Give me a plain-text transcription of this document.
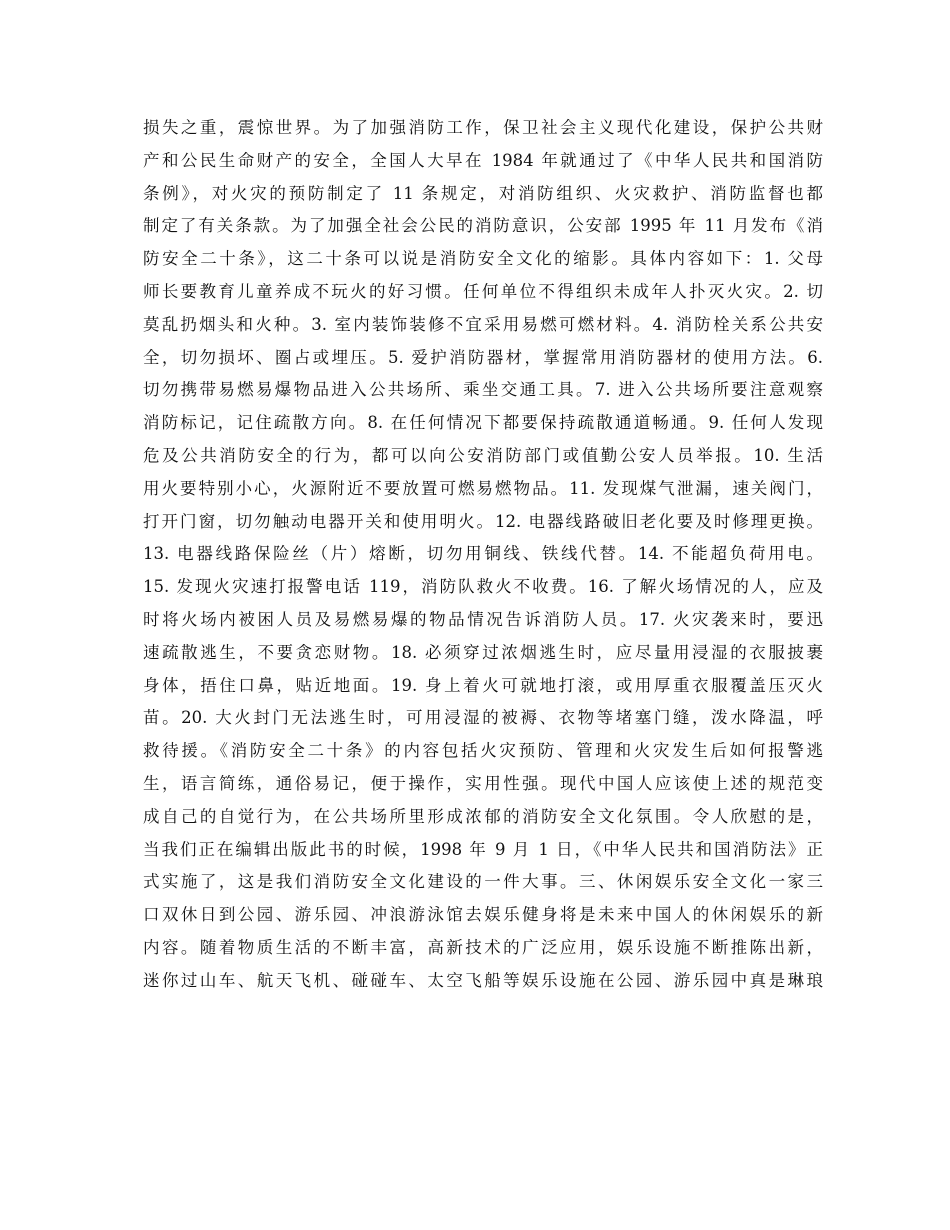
损失之重，震惊世界。为了加强消防工作，保卫社会主义现代化建设，保护公共财
产和公民生命财产的安全，全国人大早在 1984 年就通过了《中华人民共和国消防
条例》，对火灾的预防制定了 11 条规定，对消防组织、火灾救护、消防监督也都
制定了有关条款。为了加强全社会公民的消防意识，公安部 1995 年 11 月发布《消
防安全二十条》，这二十条可以说是消防安全文化的缩影。具体内容如下：1. 父母
师长要教育儿童养成不玩火的好习惯。任何单位不得组织未成年人扑灭火灾。2. 切
莫乱扔烟头和火种。3. 室内装饰装修不宜采用易燃可燃材料。4. 消防栓关系公共安
全，切勿损坏、圈占或埋压。5. 爱护消防器材，掌握常用消防器材的使用方法。6.
切勿携带易燃易爆物品进入公共场所、乘坐交通工具。7. 进入公共场所要注意观察
消防标记，记住疏散方向。8. 在任何情况下都要保持疏散通道畅通。9. 任何人发现
危及公共消防安全的行为，都可以向公安消防部门或值勤公安人员举报。10. 生活
用火要特别小心，火源附近不要放置可燃易燃物品。11. 发现煤气泄漏，速关阀门，
打开门窗，切勿触动电器开关和使用明火。12. 电器线路破旧老化要及时修理更换。
13. 电器线路保险丝（片）熔断，切勿用铜线、铁线代替。14. 不能超负荷用电。
15. 发现火灾速打报警电话 119，消防队救火不收费。16. 了解火场情况的人，应及
时将火场内被困人员及易燃易爆的物品情况告诉消防人员。17. 火灾袭来时，要迅
速疏散逃生，不要贪恋财物。18. 必须穿过浓烟逃生时，应尽量用浸湿的衣服披裹
身体，捂住口鼻，贴近地面。19. 身上着火可就地打滚，或用厚重衣服覆盖压灭火
苗。20. 大火封门无法逃生时，可用浸湿的被褥、衣物等堵塞门缝，泼水降温，呼
救待援。《消防安全二十条》的内容包括火灾预防、管理和火灾发生后如何报警逃
生，语言简练，通俗易记，便于操作，实用性强。现代中国人应该使上述的规范变
成自己的自觉行为，在公共场所里形成浓郁的消防安全文化氛围。令人欣慰的是，
当我们正在编辑出版此书的时候，1998 年 9 月 1 日，《中华人民共和国消防法》正
式实施了，这是我们消防安全文化建设的一件大事。三、休闲娱乐安全文化一家三
口双休日到公园、游乐园、冲浪游泳馆去娱乐健身将是未来中国人的休闲娱乐的新
内容。随着物质生活的不断丰富，高新技术的广泛应用，娱乐设施不断推陈出新，
迷你过山车、航天飞机、碰碰车、太空飞船等娱乐设施在公园、游乐园中真是琳琅
